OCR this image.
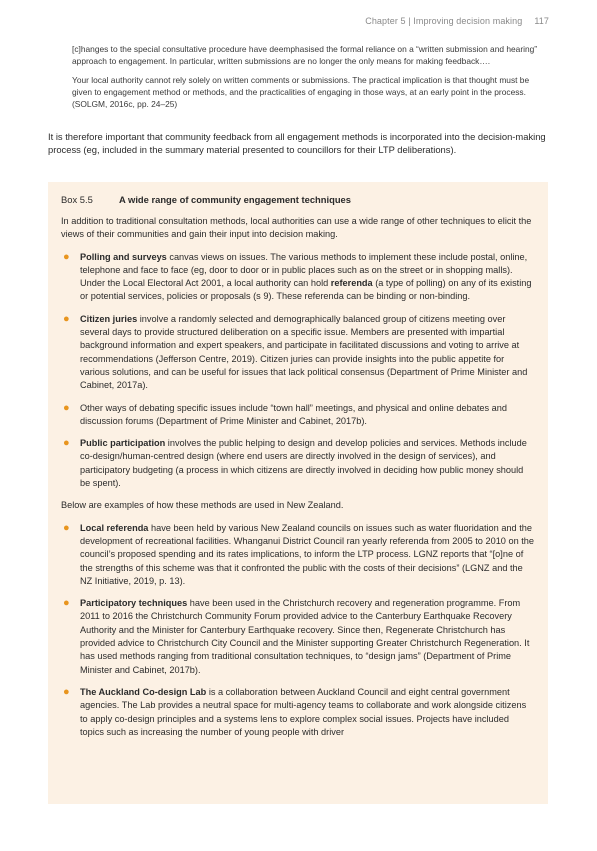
Chapter 5 | Improving decision making 117

[c]hanges to the special consultative procedure have deemphasised the formal reliance on a “written submission and hearing” approach to engagement. In particular, written submissions are no longer the only means for making feedback….

Your local authority cannot rely solely on written comments or submissions. The practical implication is that thought must be given to engagement method or methods, and the practicalities of engaging in those ways, at an early point in the process. (SOLGM, 2016c, pp. 24–25)

It is therefore important that community feedback from all engagement methods is incorporated into the decision-making process (eg, included in the summary material presented to councillors for their LTP deliberations).

Box 5.5	A wide range of community engagement techniques

In addition to traditional consultation methods, local authorities can use a wide range of other techniques to elicit the views of their communities and gain their input into decision making.

● Polling and surveys canvas views on issues. The various methods to implement these include postal, online, telephone and face to face (eg, door to door or in public places such as on the street or in shopping malls). Under the Local Electoral Act 2001, a local authority can hold referenda (a type of polling) on any of its existing or potential services, policies or proposals (s 9). These referenda can be binding or non-binding.
● Citizen juries involve a randomly selected and demographically balanced group of citizens meeting over several days to provide structured deliberation on a specific issue. Members are presented with impartial background information and expert speakers, and participate in facilitated discussions and voting to arrive at recommendations (Jefferson Centre, 2019). Citizen juries can provide insights into the public appetite for various solutions, and can be useful for issues that lack political consensus (Department of Prime Minister and Cabinet, 2017a).
● Other ways of debating specific issues include “town hall” meetings, and physical and online debates and discussion forums (Department of Prime Minister and Cabinet, 2017b).
● Public participation involves the public helping to design and develop policies and services. Methods include co-design/human-centred design (where end users are directly involved in the design of services), and participatory budgeting (a process in which citizens are directly involved in deciding how public money should be spent).

Below are examples of how these methods are used in New Zealand.

● Local referenda have been held by various New Zealand councils on issues such as water fluoridation and the development of recreational facilities. Whanganui District Council ran yearly referenda from 2005 to 2010 on the council’s proposed spending and its rates implications, to inform the LTP process. LGNZ reports that “[o]ne of the strengths of this scheme was that it confronted the public with the costs of their decisions” (LGNZ and the NZ Initiative, 2019, p. 13).
● Participatory techniques have been used in the Christchurch recovery and regeneration programme. From 2011 to 2016 the Christchurch Community Forum provided advice to the Canterbury Earthquake Recovery Authority and the Minister for Canterbury Earthquake recovery. Since then, Regenerate Christchurch has provided advice to Christchurch City Council and the Minister supporting Greater Christchurch Regeneration. It has used methods ranging from traditional consultation techniques, to “design jams” (Department of Prime Minister and Cabinet, 2017b).
● The Auckland Co-design Lab is a collaboration between Auckland Council and eight central government agencies. The Lab provides a neutral space for multi-agency teams to collaborate and work alongside citizens to apply co-design principles and a systems lens to explore complex social issues. Projects have included topics such as increasing the number of young people with driver
